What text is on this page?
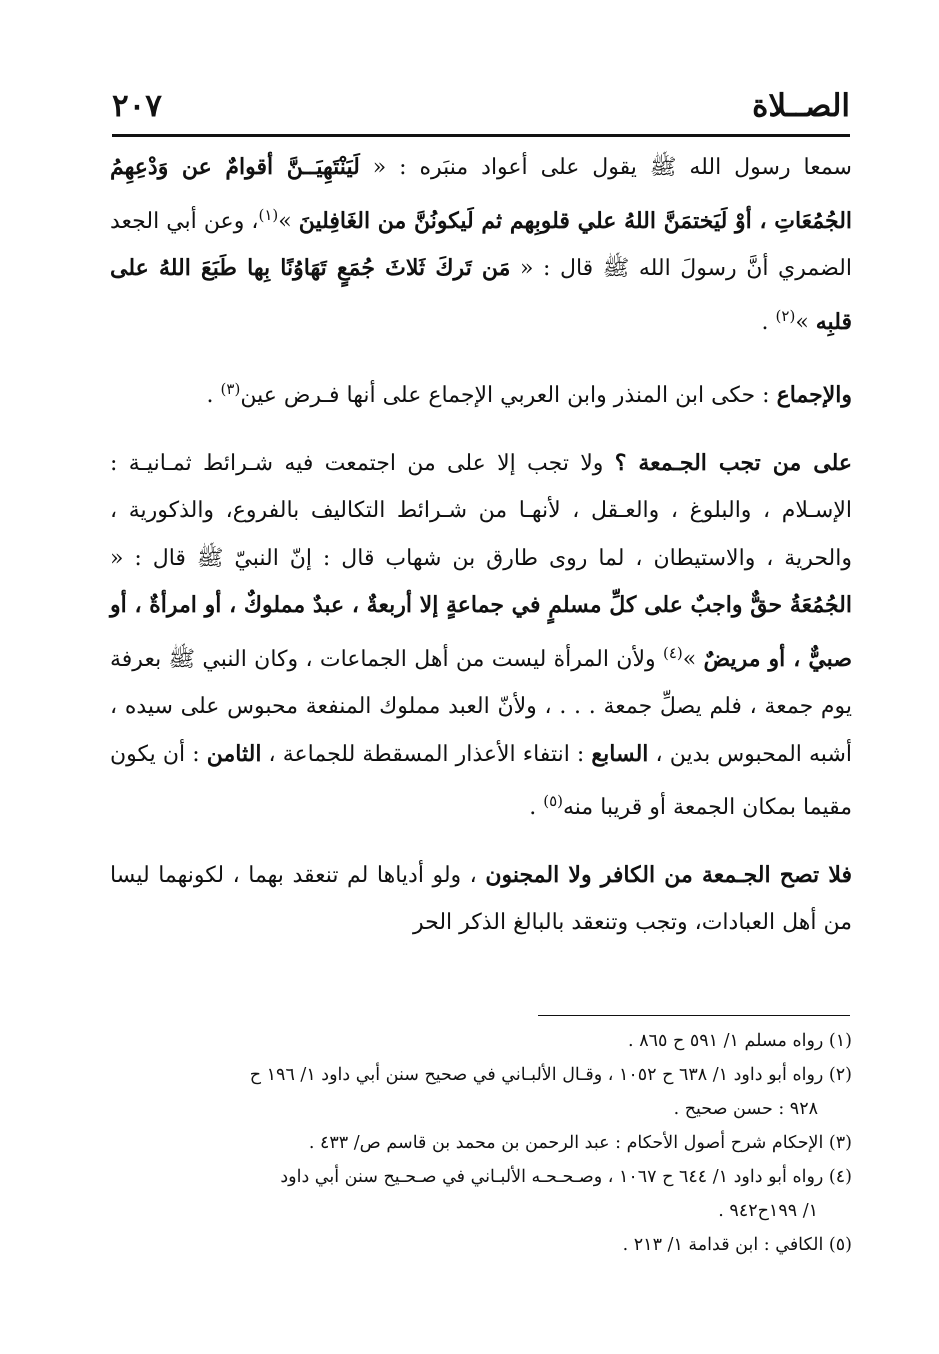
الصــلاة
٢٠٧

سمعا رسول الله ﷺ يقول على أعواد منبَره : « لَيَنْتَهِيَــنَّ أقوامٌ عن وَدْعِهِمُ الجُمُعَاتِ ، أوْ لَيَختمَنَّ اللهُ علي قلوبِهم ثم لَيكونُنَّ من الغَافِلينَ »$^{(١)}$، وعن أبي الجعد الضمري أنَّ رسولَ الله ﷺ قال : « مَن تَركَ ثَلاثَ جُمَعٍ تَهَاوُنًا بِها طَبَعَ اللهُ على قلبِه »$^{(٢)}$ .

والإجماع : حكى ابن المنذر وابن العربي الإجماع على أنها فـرض عين$^{(٣)}$ .

على من تجب الجـمعة ؟ ولا تجب إلا على من اجتمعت فيه شـرائط ثمـانيـة : الإسـلام ، والبلوغ ، والعـقل ، لأنهـا من شـرائط التكاليف بالفروع، والذكورية ، والحرية ، والاستيطان ، لما روى طارق بن شهاب قال : إنّ النبيّ ﷺ قال : « الجُمُعَةُ حقٌّ واجبٌ على كلِّ مسلمٍ في جماعةٍ إلا أربعةٌ ، عبدٌ مملوكٌ ، أو امرأةٌ ، أو صبيٌّ ، أو مريضٌ »$^{(٤)}$ ولأن المرأة ليست من أهل الجماعات ، وكان النبي ﷺ بعرفة يوم جمعة ، فلم يصلِّ جمعة . . . ، ولأنّ العبد مملوك المنفعة محبوس على سيده ، أشبه المحبوس بدين ، السابع : انتفاء الأعذار المسقطة للجماعة ، الثامن : أن يكون مقيما بمكان الجمعة أو قريبا منه$^{(٥)}$ .

فلا تصح الجـمعة من الكافر ولا المجنون ، ولو أدياها لم تنعقد بهما ، لكونهما ليسا من أهل العبادات، وتجب وتنعقد بالبالغ الذكر الحر

(١) رواه مسلم ١/ ٥٩١ ح ٨٦٥ .

(٢) رواه أبو داود ١/ ٦٣٨ ح ١٠٥٢ ، وقـال الألبـاني في صحيح سنن أبي داود ١/ ١٩٦ ح

٩٢٨ : حسن صحيح .

(٣) الإحكام شرح أصول الأحكام : عبد الرحمن بن محمد بن قاسم ص/ ٤٣٣ .

(٤) رواه أبو داود ١/ ٦٤٤ ح ١٠٦٧ ، وصـحـحـه الألبـاني في صـحـيح سنن أبي داود

١/ ١٩٩ح٩٤٢ .

(٥) الكافي : ابن قدامة ١/ ٢١٣ .
